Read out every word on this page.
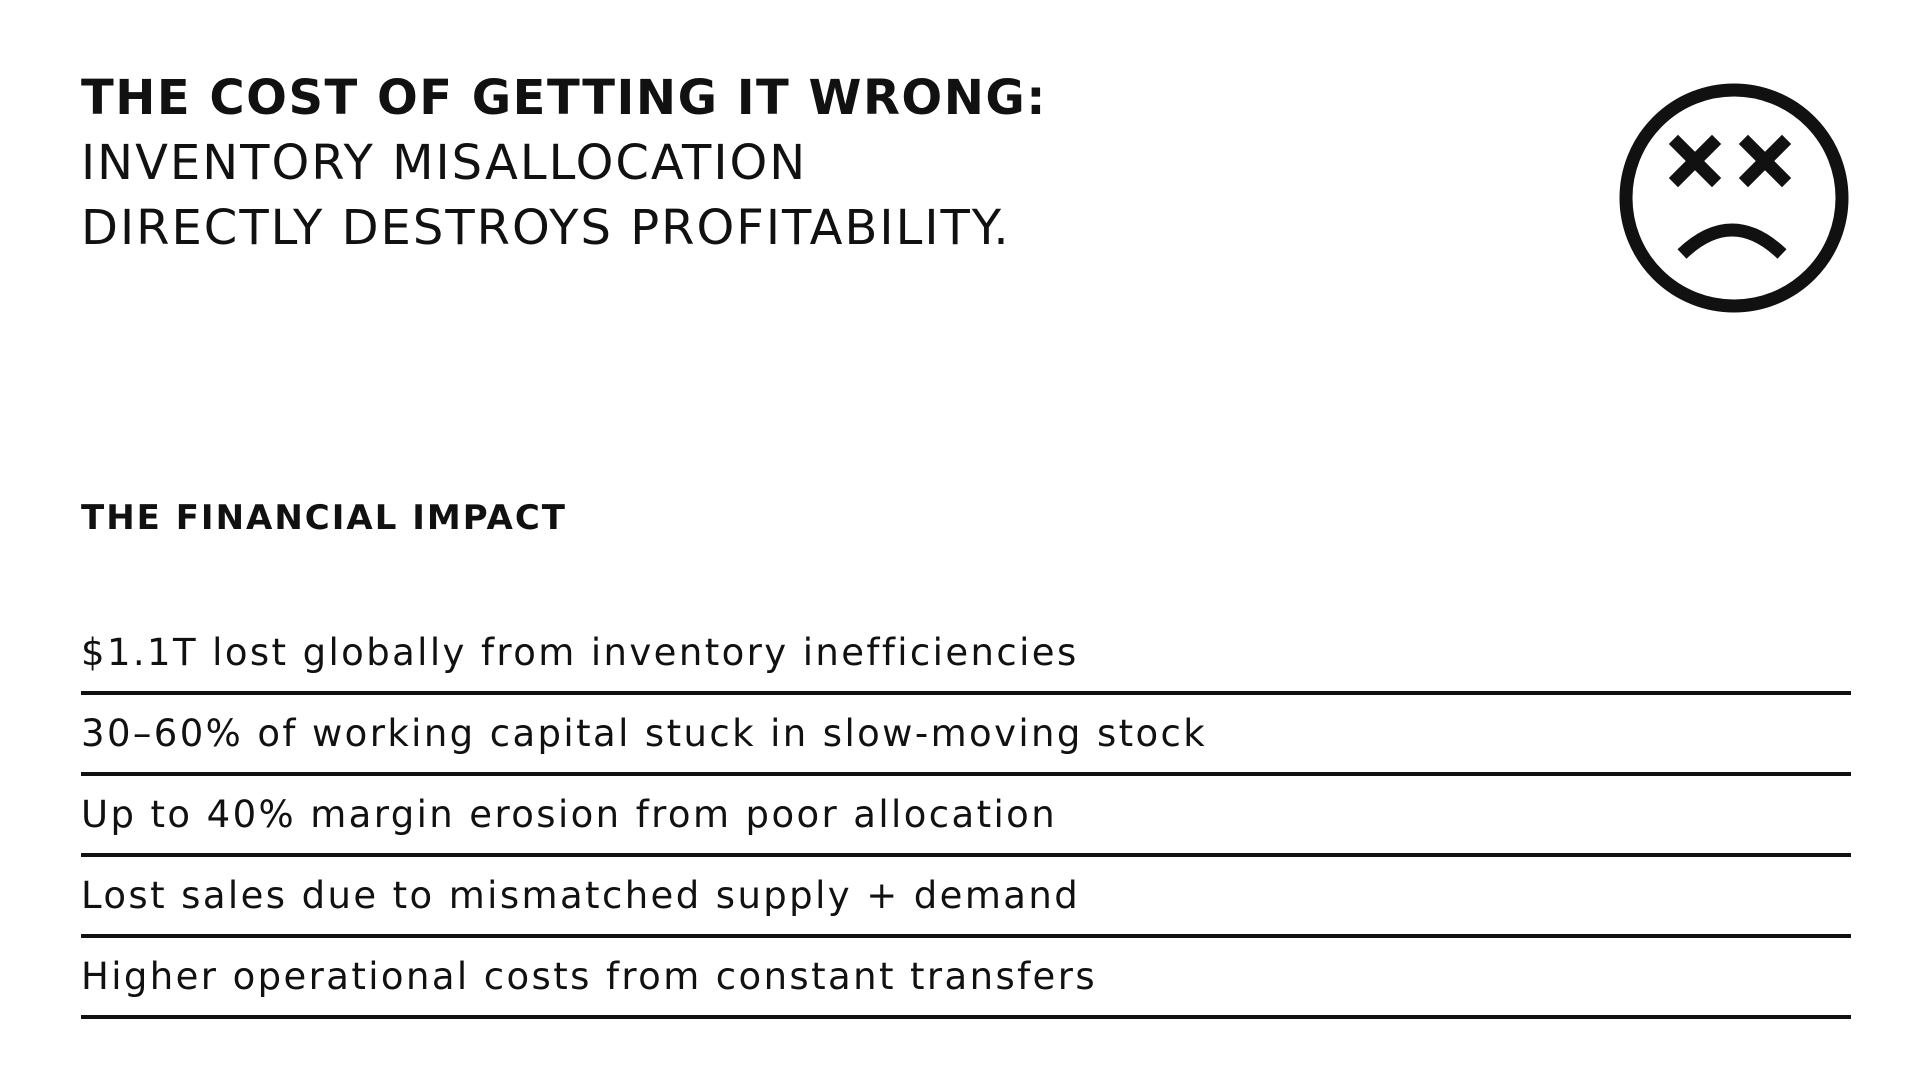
THE COST OF GETTING IT WRONG:
INVENTORY MISALLOCATION
DIRECTLY DESTROYS PROFITABILITY.
THE FINANCIAL IMPACT
$1.1T lost globally from inventory inefficiencies
30–60% of working capital stuck in slow-moving stock
Up to 40% margin erosion from poor allocation
Lost sales due to mismatched supply + demand
Higher operational costs from constant transfers
